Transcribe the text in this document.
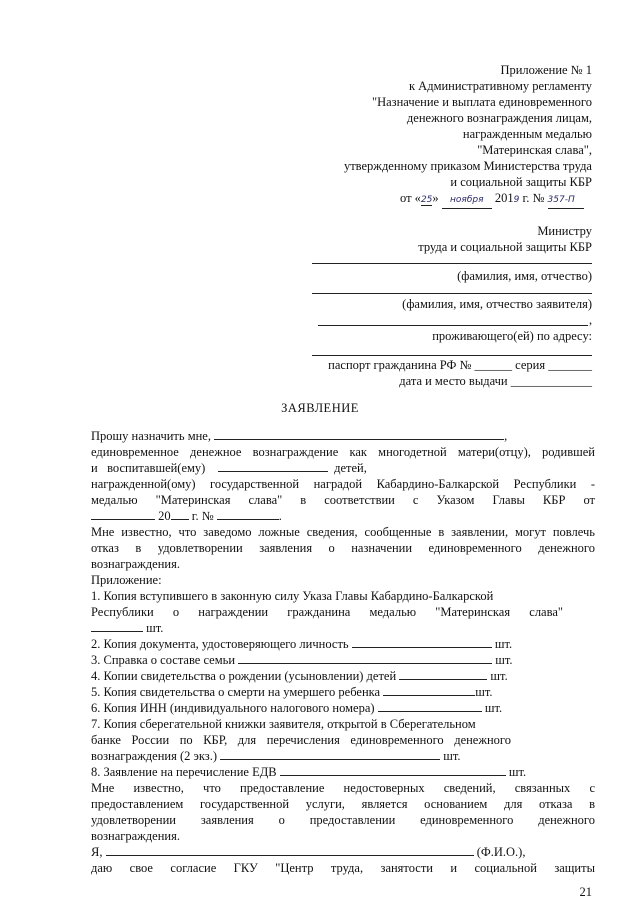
Приложение № 1
к Административному регламенту
"Назначение и выплата единовременного
денежного вознаграждения лицам,
награжденным медалью
"Материнская слава",
утвержденному приказом Министерства труда
и социальной защиты КБР
от «25» ноября 2019 г. № 357-П
Министру
труда и социальной защиты КБР
(фамилия, имя, отчество)
(фамилия, имя, отчество заявителя)
,
проживающего(ей) по адресу:
паспорт гражданина РФ № ______ серия _______
дата и место выдачи _____________
ЗАЯВЛЕНИЕ
Прошу назначить мне,	,
единовременное денежное вознаграждение как многодетной матери(отцу), родившей
и воспитавшей(ему)	детей,
награжденной(ому) государственной наградой Кабардино-Балкарской Республики -
медалью "Материнская слава" в соответствии с Указом Главы КБР от
20 г. №	.
Мне известно, что заведомо ложные сведения, сообщенные в заявлении, могут повлечь
отказ в удовлетворении заявления о назначении единовременного денежного
вознаграждения.
Приложение:
1. Копия вступившего в законную силу Указа Главы Кабардино-Балкарской
Республики о награждении гражданина медалью "Материнская слава"
шт.
2. Копия документа, удостоверяющего личность	шт.
3. Справка о составе семьи	шт.
4. Копии свидетельства о рождении (усыновлении) детей	шт.
5. Копия свидетельства о смерти на умершего ребенка	шт.
6. Копия ИНН (индивидуального налогового номера)	шт.
7. Копия сберегательной книжки заявителя, открытой в Сберегательном
банке России по КБР, для перечисления единовременного денежного
вознаграждения (2 экз.)	шт.
8. Заявление на перечисление ЕДВ	шт.
Мне известно, что предоставление недостоверных сведений, связанных с
предоставлением государственной услуги, является основанием для отказа в
удовлетворении заявления о предоставлении единовременного денежного
вознаграждения.
Я,	(Ф.И.О.),
даю свое согласие ГКУ "Центр труда, занятости и социальной защиты
21
